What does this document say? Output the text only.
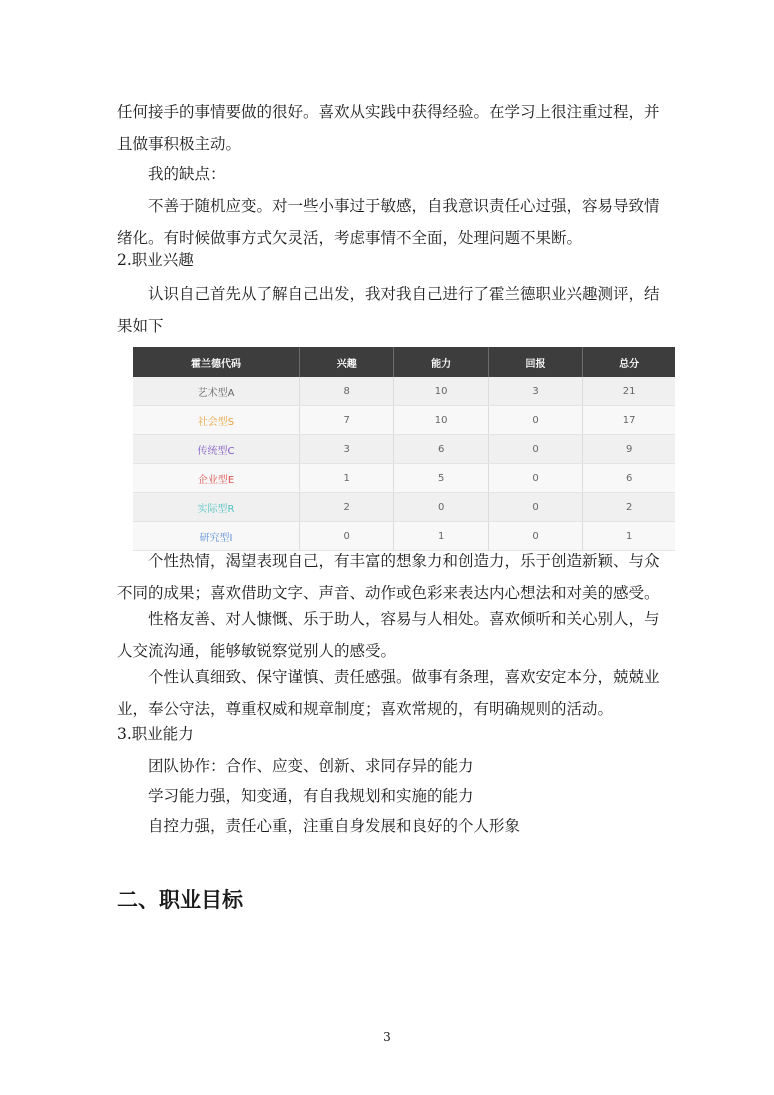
任何接手的事情要做的很好。喜欢从实践中获得经验。在学习上很注重过程，并
且做事积极主动。

我的缺点：

不善于随机应变。对一些小事过于敏感，自我意识责任心过强，容易导致情
绪化。有时候做事方式欠灵活，考虑事情不全面，处理问题不果断。

2.职业兴趣

认识自己首先从了解自己出发，我对我自己进行了霍兰德职业兴趣测评，结
果如下

霍兰德代码	兴趣	能力	回报	总分
艺术型A	8	10	3	21
社会型S	7	10	0	17
传统型C	3	6	0	9
企业型E	1	5	0	6
实际型R	2	0	0	2
研究型I	0	1	0	1

个性热情，渴望表现自己，有丰富的想象力和创造力，乐于创造新颖、与众
不同的成果；喜欢借助文字、声音、动作或色彩来表达内心想法和对美的感受。

性格友善、对人慷慨、乐于助人，容易与人相处。喜欢倾听和关心别人，与
人交流沟通，能够敏锐察觉别人的感受。

个性认真细致、保守谨慎、责任感强。做事有条理，喜欢安定本分，兢兢业
业，奉公守法，尊重权威和规章制度；喜欢常规的，有明确规则的活动。

3.职业能力

团队协作：合作、应变、创新、求同存异的能力

学习能力强，知变通，有自我规划和实施的能力

自控力强，责任心重，注重自身发展和良好的个人形象

二、职业目标
3
